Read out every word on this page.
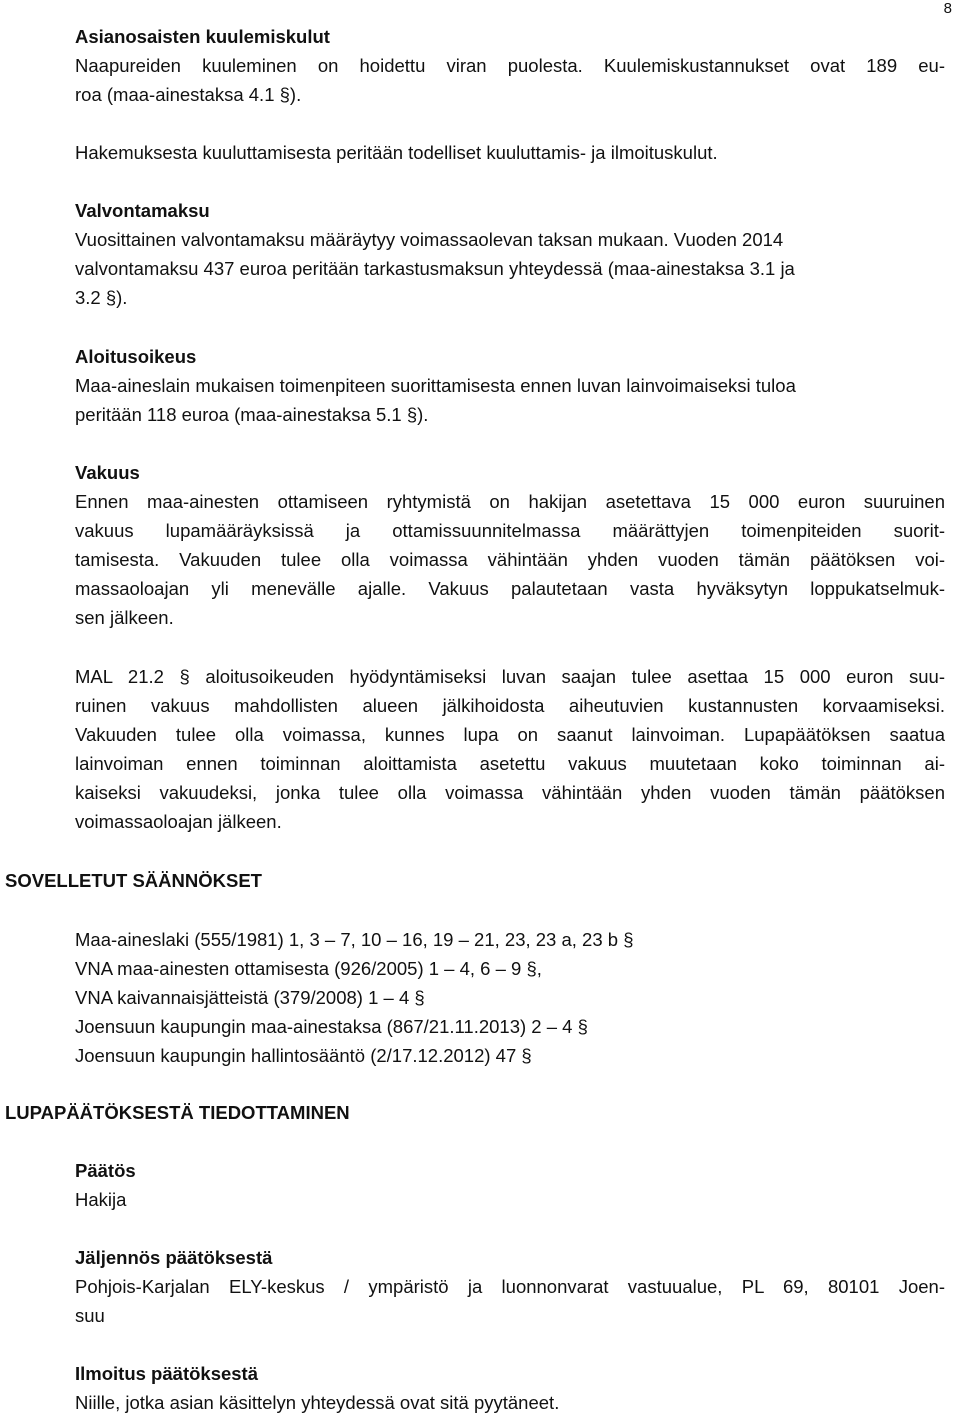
8
Asianosaisten kuulemiskulut
Naapureiden kuuleminen on hoidettu viran puolesta. Kuulemiskustannukset ovat 189 eu-
roa (maa-ainestaksa 4.1 §).
Hakemuksesta kuuluttamisesta peritään todelliset kuuluttamis- ja ilmoituskulut.
Valvontamaksu
Vuosittainen valvontamaksu määräytyy voimassaolevan taksan mukaan. Vuoden 2014
valvontamaksu 437 euroa peritään tarkastusmaksun yhteydessä (maa-ainestaksa 3.1 ja
3.2 §).
Aloitusoikeus
Maa-aineslain mukaisen toimenpiteen suorittamisesta ennen luvan lainvoimaiseksi tuloa
peritään 118 euroa (maa-ainestaksa 5.1 §).
Vakuus
Ennen maa-ainesten ottamiseen ryhtymistä on hakijan asetettava 15 000 euron suuruinen
vakuus lupamääräyksissä ja ottamissuunnitelmassa määrättyjen toimenpiteiden suorit-
tamisesta. Vakuuden tulee olla voimassa vähintään yhden vuoden tämän päätöksen voi-
massaoloajan yli menevälle ajalle. Vakuus palautetaan vasta hyväksytyn loppukatselmuk-
sen jälkeen.
MAL 21.2 § aloitusoikeuden hyödyntämiseksi luvan saajan tulee asettaa 15 000 euron suu-
ruinen vakuus mahdollisten alueen jälkihoidosta aiheutuvien kustannusten korvaamiseksi.
Vakuuden tulee olla voimassa, kunnes lupa on saanut lainvoiman. Lupapäätöksen saatua
lainvoiman ennen toiminnan aloittamista asetettu vakuus muutetaan koko toiminnan ai-
kaiseksi vakuudeksi, jonka tulee olla voimassa vähintään yhden vuoden tämän päätöksen
voimassaoloajan jälkeen.
SOVELLETUT SÄÄNNÖKSET
Maa-aineslaki (555/1981) 1, 3 – 7, 10 – 16, 19 – 21, 23, 23 a, 23 b §
VNA maa-ainesten ottamisesta (926/2005) 1 – 4, 6 – 9 §,
VNA kaivannaisjätteistä (379/2008) 1 – 4 §
Joensuun kaupungin maa-ainestaksa (867/21.11.2013) 2 – 4 §
Joensuun kaupungin hallintosääntö (2/17.12.2012) 47 §
LUPAPÄÄTÖKSESTÄ TIEDOTTAMINEN
Päätös
Hakija
Jäljennös päätöksestä
Pohjois-Karjalan ELY-keskus / ympäristö ja luonnonvarat vastuualue, PL 69, 80101 Joen-
suu
Ilmoitus päätöksestä
Niille, jotka asian käsittelyn yhteydessä ovat sitä pyytäneet.
